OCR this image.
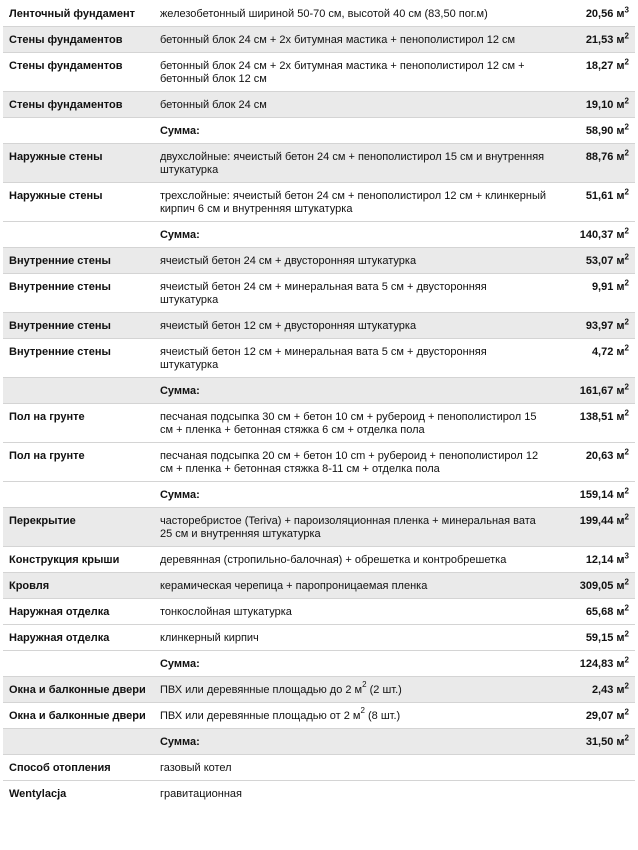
Ленточный фундамент	железобетонный шириной 50-70 см, высотой 40 см (83,50 пог.м)	20,56 $м^3$
Стены фундаментов	бетонный блок 24 см + 2х битумная мастика + пенополистирол 12 см	21,53 $м^2$
Стены фундаментов	бетонный блок 24 см + 2х битумная мастика + пенополистирол 12 см + бетонный блок 12 см	18,27 $м^2$
Стены фундаментов	бетонный блок 24 см	19,10 $м^2$
	Сумма:	58,90 $м^2$
Наружные стены	двухслойные: ячеистый бетон 24 см + пенополистирол 15 см и внутренняя штукатурка	88,76 $м^2$
Наружные стены	трехслойные: ячеистый бетон 24 см + пенополистирол 12 см + клинкерный кирпич 6 см и внутренняя штукатурка	51,61 $м^2$
	Сумма:	140,37 $м^2$
Внутренние стены	ячеистый бетон 24 см + двусторонняя штукатурка	53,07 $м^2$
Внутренние стены	ячеистый бетон 24 см + минеральная вата 5 см + двусторонняя штукатурка	9,91 $м^2$
Внутренние стены	ячеистый бетон 12 см + двусторонняя штукатурка	93,97 $м^2$
Внутренние стены	ячеистый бетон 12 см + минеральная вата 5 см + двусторонняя штукатурка	4,72 $м^2$
	Сумма:	161,67 $м^2$
Пол на грунте	песчаная подсыпка 30 см + бетон 10 см + рубероид + пенополистирол 15 см + пленка + бетонная стяжка 6 см + отделка пола	138,51 $м^2$
Пол на грунте	песчаная подсыпка 20 см + бетон 10 cm + рубероид + пенополистирол 12 см + пленка + бетонная стяжка 8-11 см + отделка пола	20,63 $м^2$
	Сумма:	159,14 $м^2$
Перекрытие	часторебристое (Teriva) + пароизоляционная пленка + минеральная вата 25 см и внутренняя штукатурка	199,44 $м^2$
Конструкция крыши	деревянная (стропильно-балочная) + обрешетка и контробрешетка	12,14 $м^3$
Кровля	керамическая черепица + паропроницаемая пленка	309,05 $м^2$
Наружная отделка	тонкослойная штукатурка	65,68 $м^2$
Наружная отделка	клинкерный кирпич	59,15 $м^2$
	Сумма:	124,83 $м^2$
Окна и балконные двери	ПВХ или деревянные площадью до 2 $м^2$ (2 шт.)	2,43 $м^2$
Окна и балконные двери	ПВХ или деревянные площадью от 2 $м^2$ (8 шт.)	29,07 $м^2$
	Сумма:	31,50 $м^2$
Способ отопления	газовый котел	
Wentylacja	гравитационная	
